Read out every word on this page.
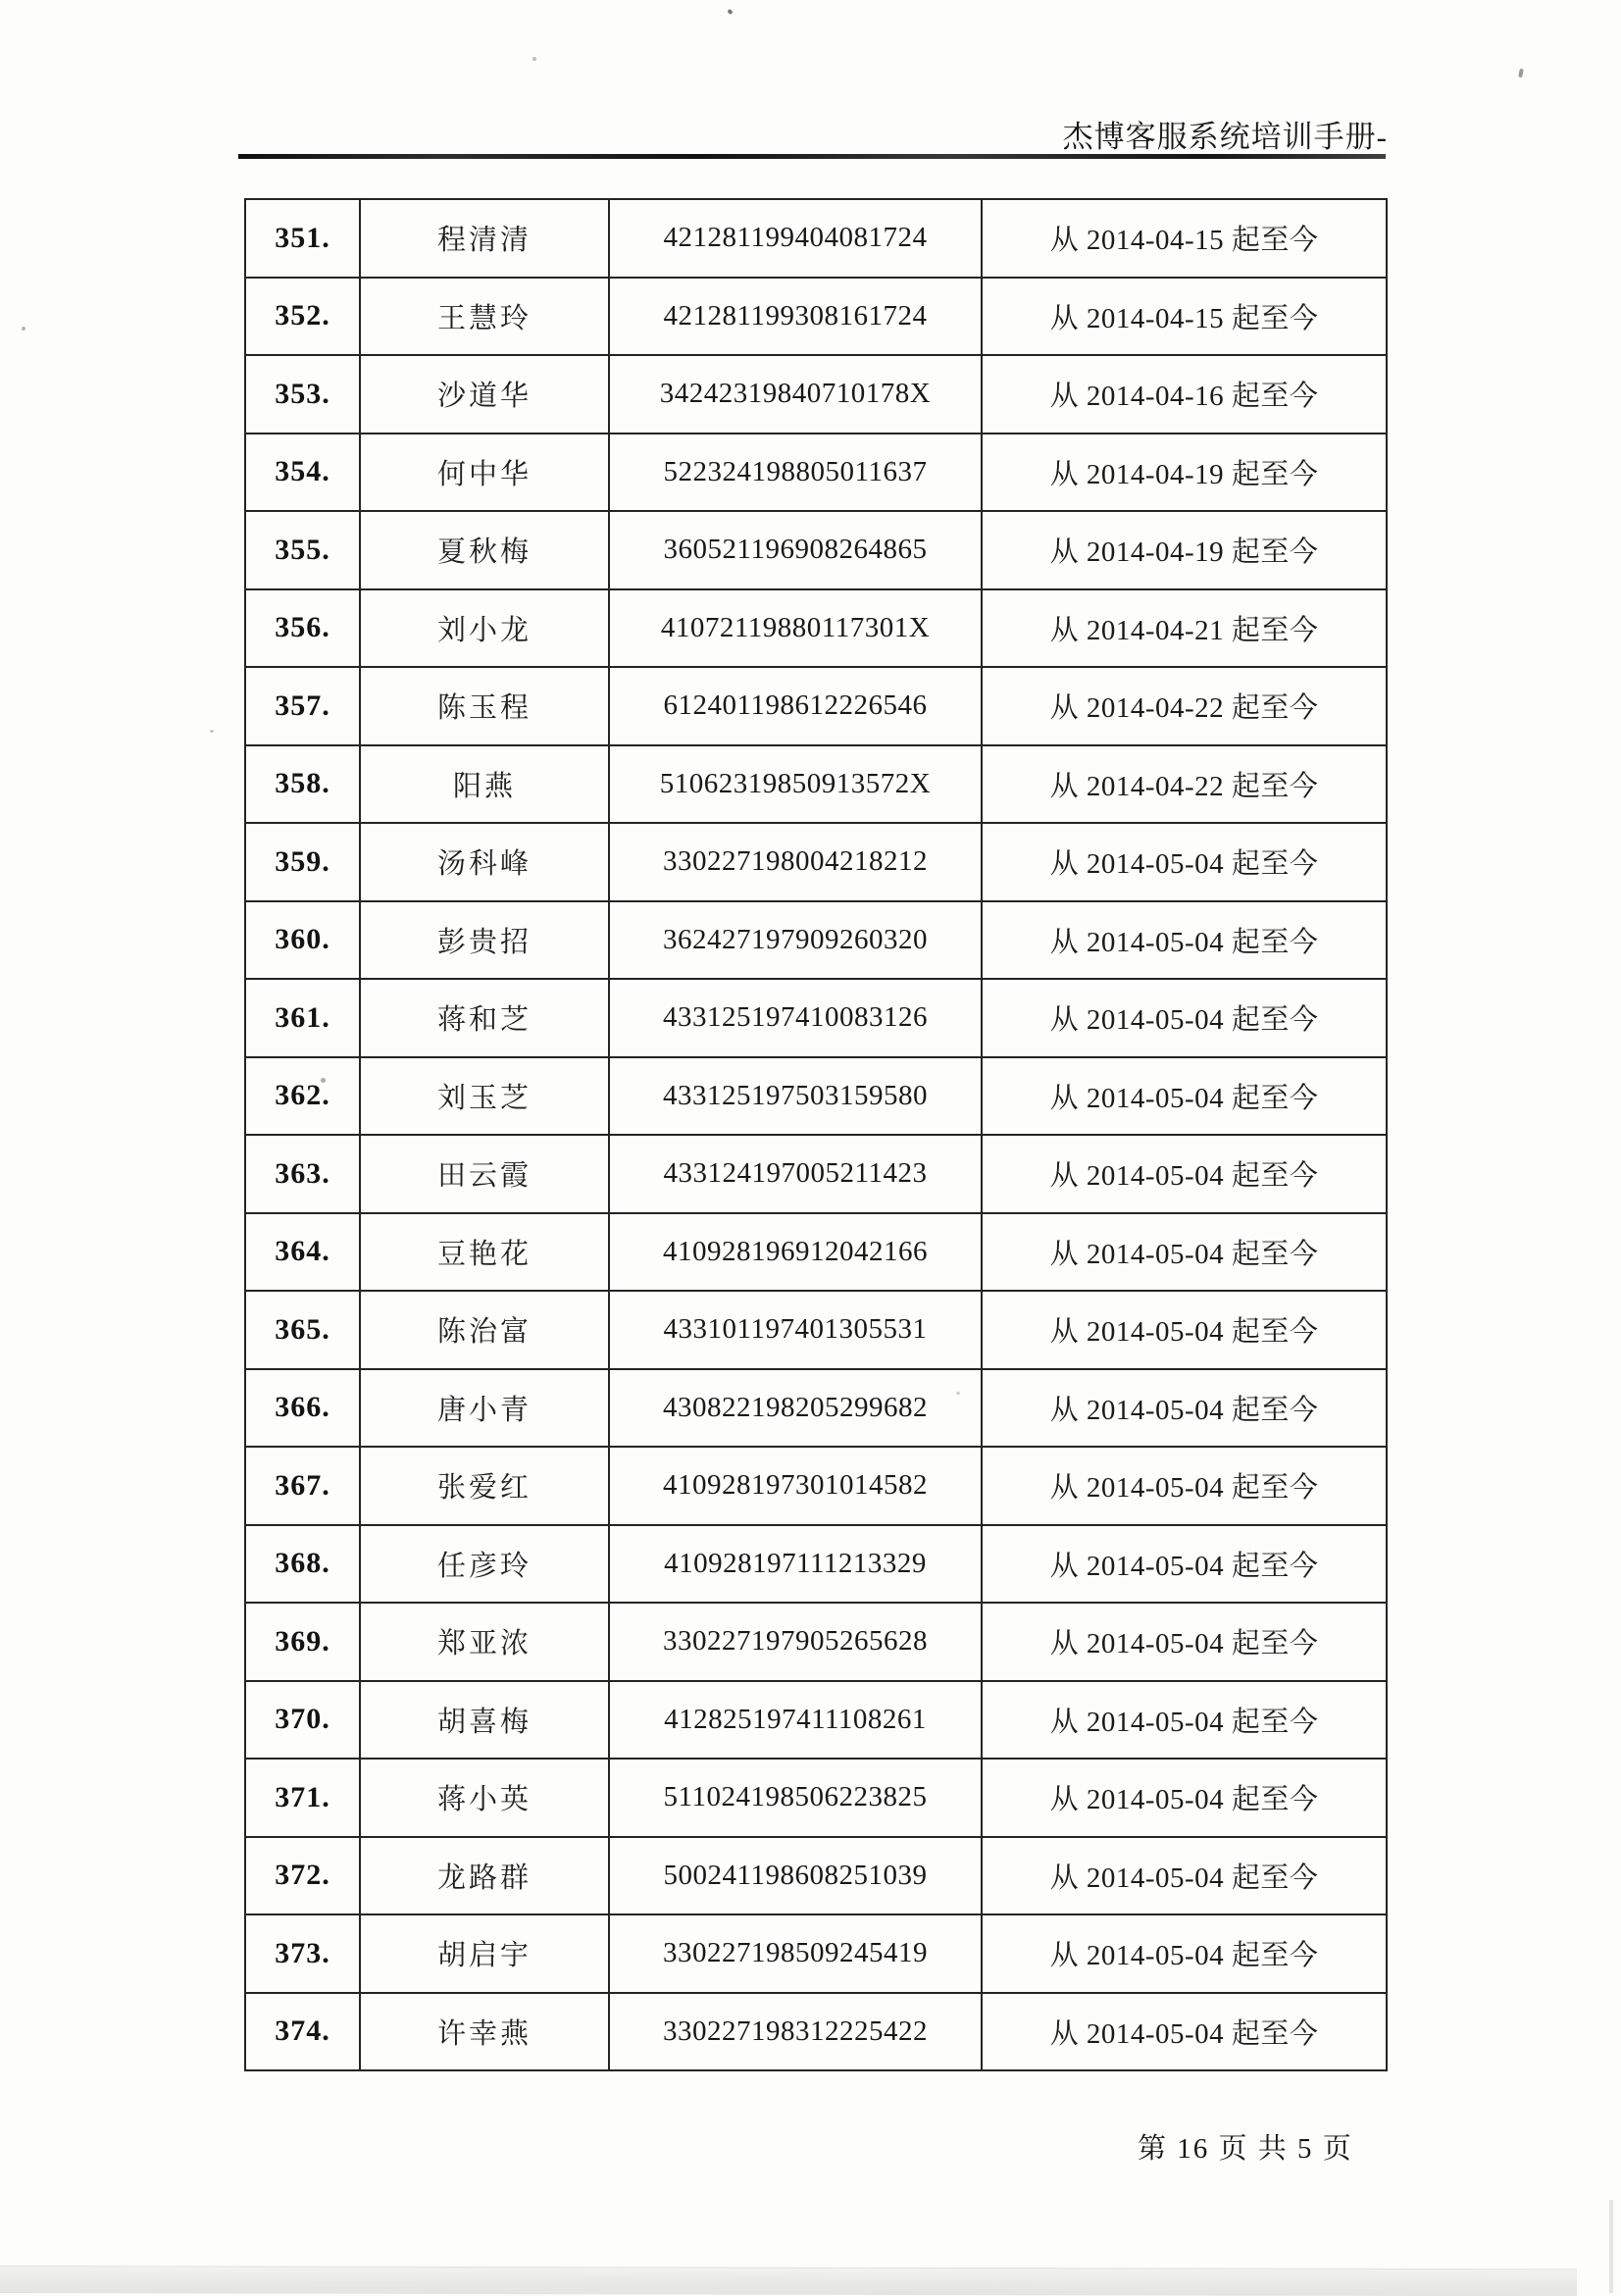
杰博客服系统培训手册-
351.	程清清	421281199404081724	从 2014-04-15 起至今
352.	王慧玲	421281199308161724	从 2014-04-15 起至今
353.	沙道华	34242319840710178X	从 2014-04-16 起至今
354.	何中华	522324198805011637	从 2014-04-19 起至今
355.	夏秋梅	360521196908264865	从 2014-04-19 起至今
356.	刘小龙	41072119880117301X	从 2014-04-21 起至今
357.	陈玉程	612401198612226546	从 2014-04-22 起至今
358.	阳燕	51062319850913572X	从 2014-04-22 起至今
359.	汤科峰	330227198004218212	从 2014-05-04 起至今
360.	彭贵招	362427197909260320	从 2014-05-04 起至今
361.	蒋和芝	433125197410083126	从 2014-05-04 起至今
362.	刘玉芝	433125197503159580	从 2014-05-04 起至今
363.	田云霞	433124197005211423	从 2014-05-04 起至今
364.	豆艳花	410928196912042166	从 2014-05-04 起至今
365.	陈治富	433101197401305531	从 2014-05-04 起至今
366.	唐小青	430822198205299682	从 2014-05-04 起至今
367.	张爱红	410928197301014582	从 2014-05-04 起至今
368.	任彦玲	410928197111213329	从 2014-05-04 起至今
369.	郑亚浓	330227197905265628	从 2014-05-04 起至今
370.	胡喜梅	412825197411108261	从 2014-05-04 起至今
371.	蒋小英	511024198506223825	从 2014-05-04 起至今
372.	龙路群	500241198608251039	从 2014-05-04 起至今
373.	胡启宇	330227198509245419	从 2014-05-04 起至今
374.	许幸燕	330227198312225422	从 2014-05-04 起至今
第 16 页 共 5 页
